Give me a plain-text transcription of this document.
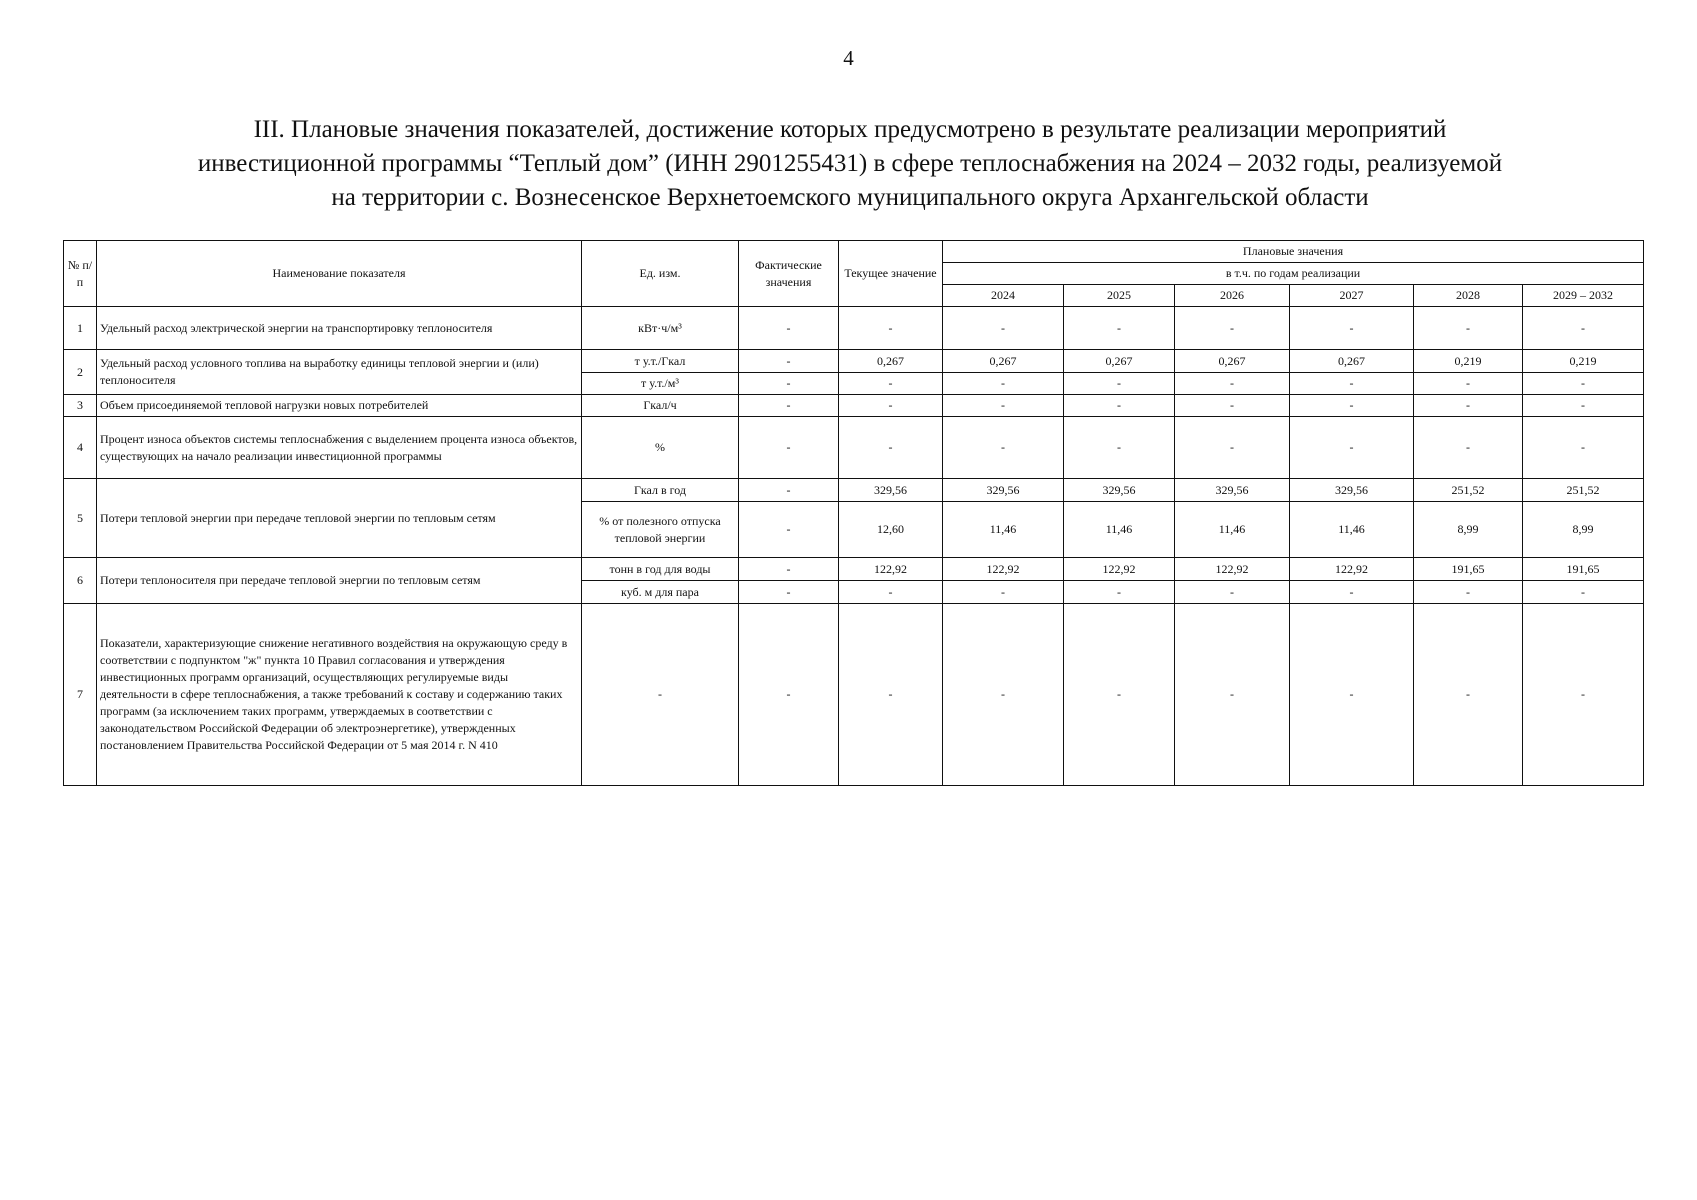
4
III. Плановые значения показателей, достижение которых предусмотрено в результате реализации мероприятий
инвестиционной программы “Теплый дом” (ИНН 2901255431) в сфере теплоснабжения на 2024 – 2032 годы, реализуемой
на территории с. Вознесенское Верхнетоемского муниципального округа Архангельской области
№ п/п	Наименование показателя	Ед. изм.	Фактические значения	Текущее значение	Плановые значения					
					в т.ч. по годам реализации					
					2024	2025	2026	2027	2028	2029 – 2032
1	Удельный расход электрической энергии на транспортировку теплоносителя	кВт·ч/м³	-	-	-	-	-	-	-	-
2	Удельный расход условного топлива на выработку единицы тепловой энергии и (или) теплоносителя	т у.т./Гкал	-	0,267	0,267	0,267	0,267	0,267	0,219	0,219
		т у.т./м³	-	-	-	-	-	-	-	-
3	Объем присоединяемой тепловой нагрузки новых потребителей	Гкал/ч	-	-	-	-	-	-	-	-
4	Процент износа объектов системы теплоснабжения с выделением процента износа объектов, существующих на начало реализации инвестиционной программы	%	-	-	-	-	-	-	-	-
5	Потери тепловой энергии при передаче тепловой энергии по тепловым сетям	Гкал в год	-	329,56	329,56	329,56	329,56	329,56	251,52	251,52
		% от полезного отпуска тепловой энергии	-	12,60	11,46	11,46	11,46	11,46	8,99	8,99
6	Потери теплоносителя при передаче тепловой энергии по тепловым сетям	тонн в год для воды	-	122,92	122,92	122,92	122,92	122,92	191,65	191,65
		куб. м для пара	-	-	-	-	-	-	-	-
7	Показатели, характеризующие снижение негативного воздействия на окружающую среду в соответствии с подпунктом "ж" пункта 10 Правил согласования и утверждения инвестиционных программ организаций, осуществляющих регулируемые виды деятельности в сфере теплоснабжения, а также требований к составу и содержанию таких программ (за исключением таких программ, утверждаемых в соответствии с законодательством Российской Федерации об электроэнергетике), утвержденных постановлением Правительства Российской Федерации от 5 мая 2014 г. N 410	-	-	-	-	-	-	-	-	-
